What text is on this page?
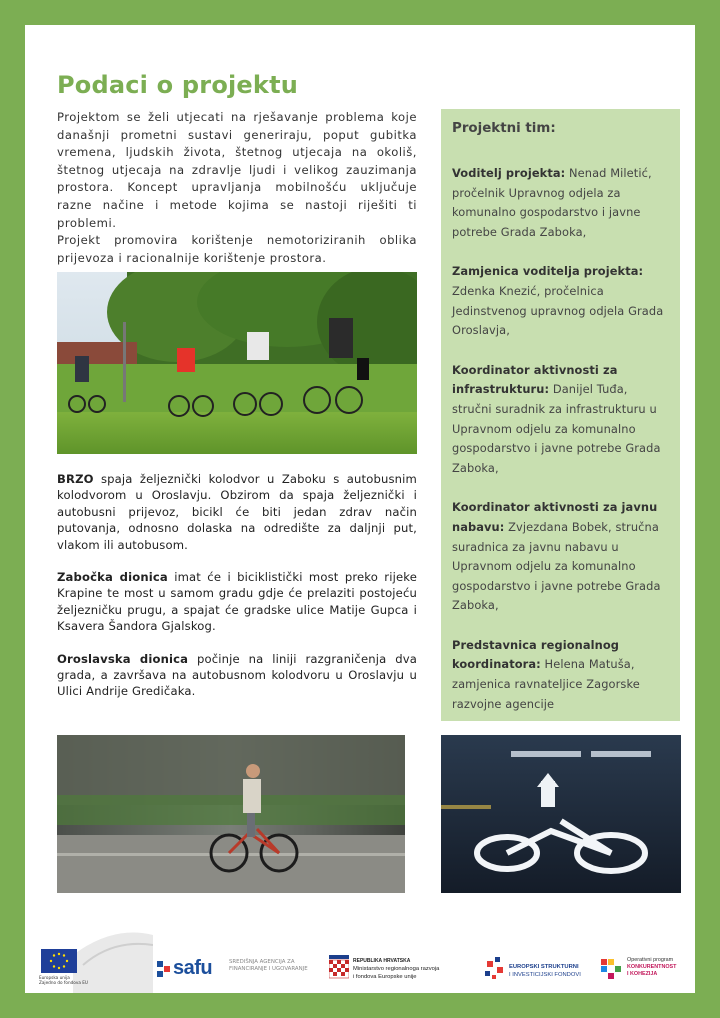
Podaci o projektu

Projektom se želi utjecati na rješavanje problema koje današnji prometni sustavi generiraju, poput gubitka vremena, ljudskih života, štetnog utjecaja na okoliš, štetnog utjecaja na zdravlje ljudi i velikog zauzimanja prostora. Koncept upravljanja mobilnošću uključuje razne načine i metode kojima se nastoji riješiti ti problemi.

Projekt promovira korištenje nemotoriziranih oblika prijevoza i racionalnije korištenje prostora.

BRZO spaja željeznički kolodvor u Zaboku s autobusnim kolodvorom u Oroslavju. Obzirom da spaja željeznički i autobusni prijevoz, bicikl će biti jedan zdrav način putovanja, odnosno dolaska na odredište za daljnji put, vlakom ili autobusom.

Zabočka dionica imat će i biciklistički most preko rijeke Krapine te most u samom gradu gdje će prelaziti postojeću željezničku prugu, a spajat će gradske ulice Matije Gupca i Ksavera Šandora Gjalskog.

Oroslavska dionica počinje na liniji razgraničenja dva grada, a završava na autobusnom kolodvoru u Oroslavju u Ulici Andrije Gredičaka.

Projektni tim:

Voditelj projekta: Nenad Miletić, pročelnik Upravnog odjela za komunalno gospodarstvo i javne potrebe Grada Zaboka,

Zamjenica voditelja projekta: Zdenka Knezić, pročelnica Jedinstvenog upravnog odjela Grada Oroslavja,

Koordinator aktivnosti za infrastrukturu: Danijel Tuđa, stručni suradnik za infrastrukturu u Upravnom odjelu za komunalno gospodarstvo i javne potrebe Grada Zaboka,

Koordinator aktivnosti za javnu nabavu: Zvjezdana Bobek, stručna suradnica za javnu nabavu u Upravnom odjelu za komunalno gospodarstvo i javne potrebe Grada Zaboka,

Predstavnica regionalnog koordinatora: Helena Matuša, zamjenica ravnateljice Zagorske razvojne agencije

Europska unija
Zajedno do fondova EU
safu	SREDIŠNJA AGENCIJA ZA FINANCIRANJE I UGOVARANJE
REPUBLIKA HRVATSKA
Ministarstvo regionalnoga razvoja
i fondova Europske unije
EUROPSKI STRUKTURNI
I INVESTICIJSKI FONDOVI
Operativni program
KONKURENTNOST
I KOHEZIJA
